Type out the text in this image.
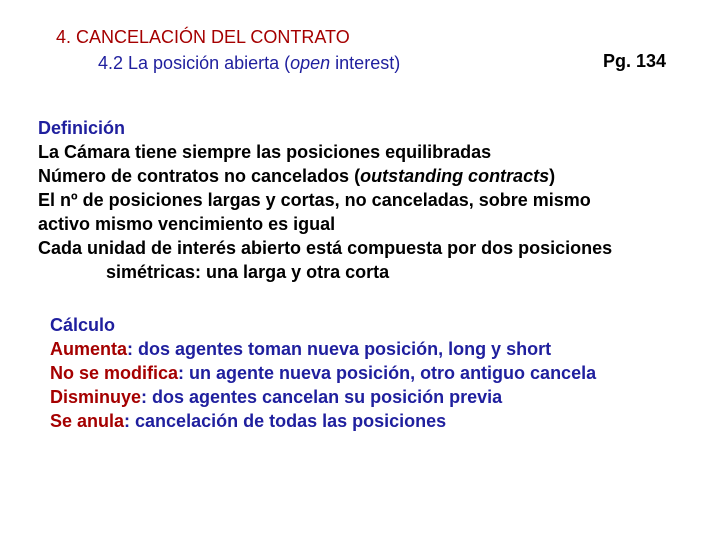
4. CANCELACIÓN DEL CONTRATO
4.2 La posición abierta (open interest)	Pg. 134
Definición
La Cámara tiene siempre las posiciones equilibradas
Número de contratos no cancelados (outstanding contracts)
El nº de posiciones largas y cortas, no canceladas, sobre mismo
activo mismo vencimiento es igual
Cada unidad de interés abierto está compuesta por dos posiciones
simétricas: una larga y otra corta
Cálculo
Aumenta: dos agentes toman nueva posición, long y short
No se modifica: un agente nueva posición, otro antiguo cancela
Disminuye: dos agentes cancelan su posición previa
Se anula: cancelación de todas las posiciones
